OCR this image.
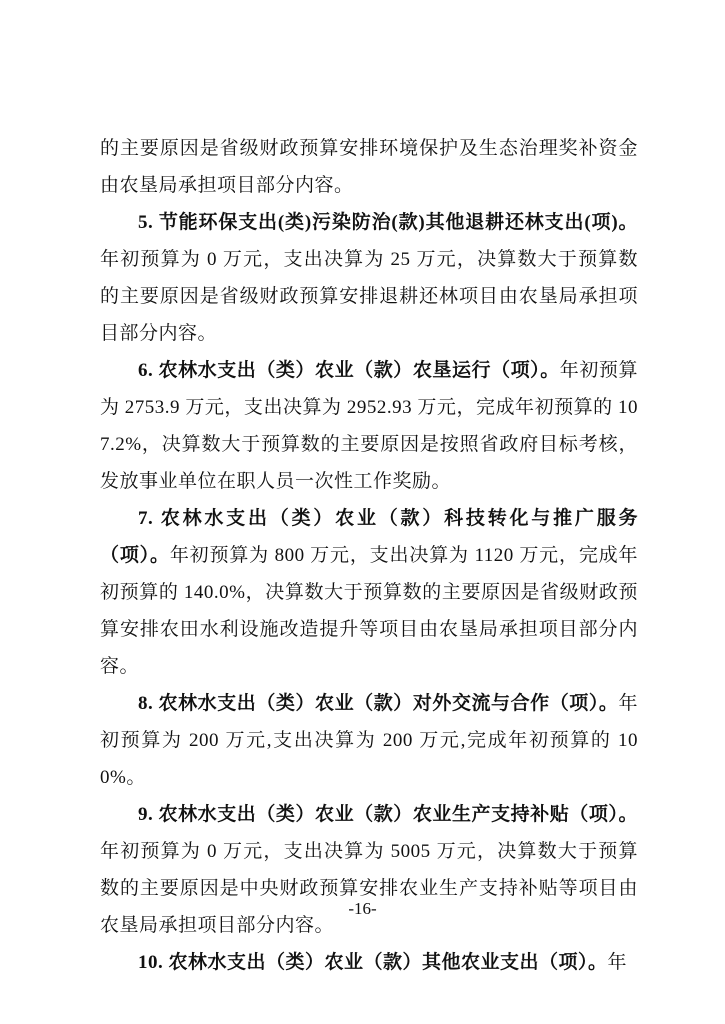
的主要原因是省级财政预算安排环境保护及生态治理奖补资金由农垦局承担项目部分内容。

5. 节能环保支出(类)污染防治(款)其他退耕还林支出(项)。年初预算为 0 万元，支出决算为 25 万元，决算数大于预算数的主要原因是省级财政预算安排退耕还林项目由农垦局承担项目部分内容。

6. 农林水支出（类）农业（款）农垦运行（项）。年初预算为 2753.9 万元，支出决算为 2952.93 万元，完成年初预算的 107.2%，决算数大于预算数的主要原因是按照省政府目标考核，发放事业单位在职人员一次性工作奖励。

7. 农林水支出（类）农业（款）科技转化与推广服务（项）。年初预算为 800 万元，支出决算为 1120 万元，完成年初预算的 140.0%，决算数大于预算数的主要原因是省级财政预算安排农田水利设施改造提升等项目由农垦局承担项目部分内容。

8. 农林水支出（类）农业（款）对外交流与合作（项）。年初预算为 200 万元,支出决算为 200 万元,完成年初预算的 100%。

9. 农林水支出（类）农业（款）农业生产支持补贴（项）。年初预算为 0 万元，支出决算为 5005 万元，决算数大于预算数的主要原因是中央财政预算安排农业生产支持补贴等项目由农垦局承担项目部分内容。

10. 农林水支出（类）农业（款）其他农业支出（项）。年

-16-
